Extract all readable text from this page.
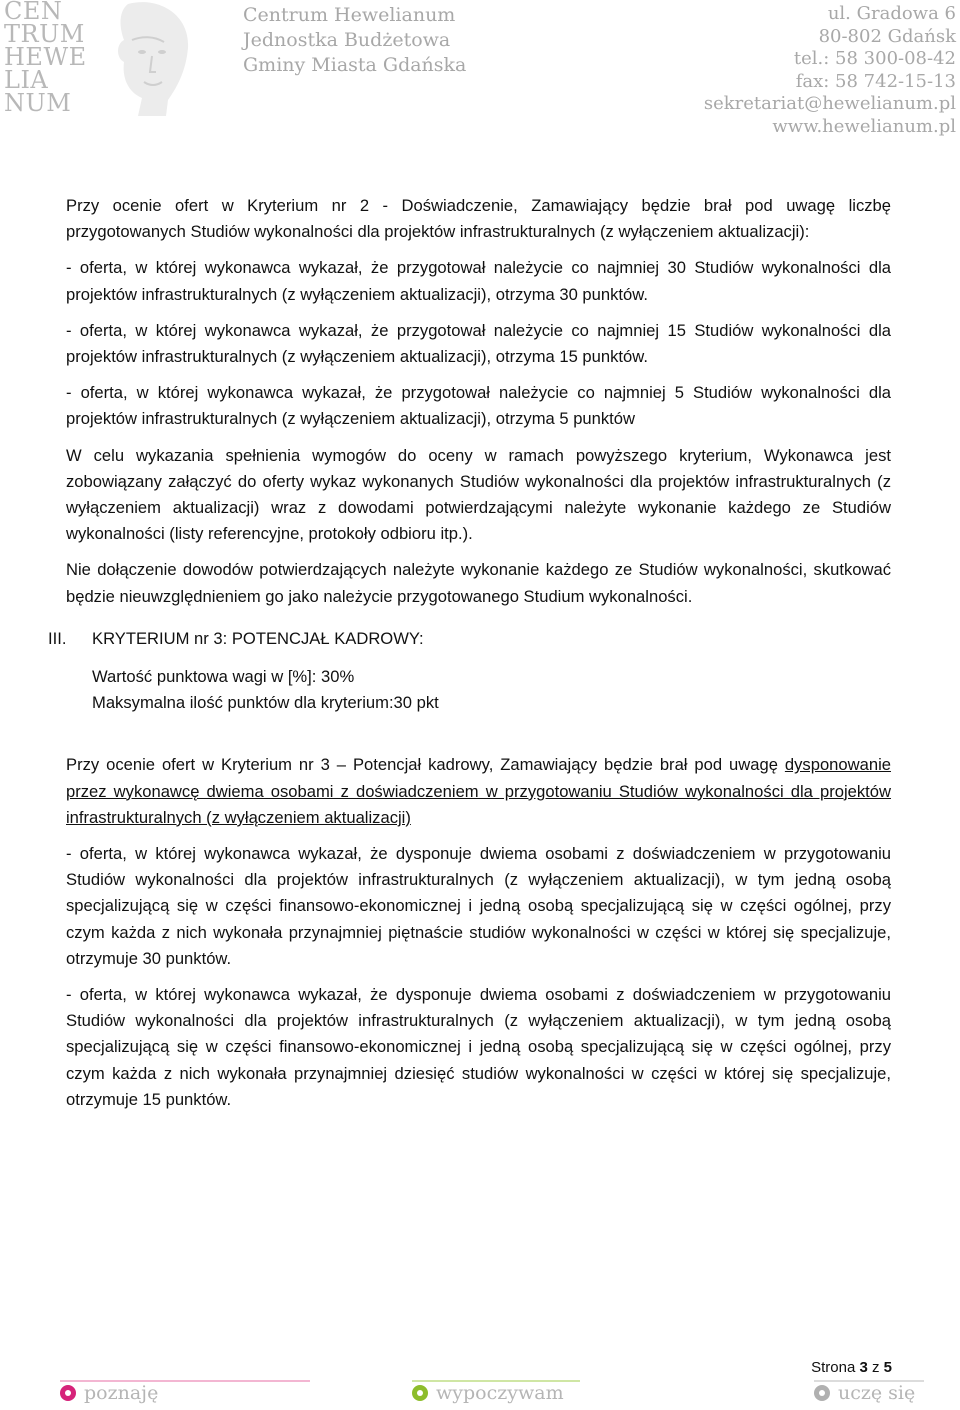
CEN
TRUM
HEWE
LIA
NUM
Centrum Hewelianum
Jednostka Budżetowa
Gminy Miasta Gdańska
ul. Gradowa 6
80-802 Gdańsk
tel.: 58 300-08-42
fax: 58 742-15-13
sekretariat@hewelianum.pl
www.hewelianum.pl

Przy ocenie ofert w Kryterium nr 2 - Doświadczenie, Zamawiający będzie brał pod uwagę liczbę przygotowanych Studiów wykonalności dla projektów infrastrukturalnych (z wyłączeniem aktualizacji):

- oferta, w której wykonawca wykazał, że przygotował należycie co najmniej 30 Studiów wykonalności dla projektów infrastrukturalnych (z wyłączeniem aktualizacji), otrzyma 30 punktów.

- oferta, w której wykonawca wykazał, że przygotował należycie co najmniej 15 Studiów wykonalności dla projektów infrastrukturalnych (z wyłączeniem aktualizacji), otrzyma 15 punktów.

- oferta, w której wykonawca wykazał, że przygotował należycie co najmniej 5 Studiów wykonalności dla projektów infrastrukturalnych (z wyłączeniem aktualizacji), otrzyma 5 punktów

W celu wykazania spełnienia wymogów do oceny w ramach powyższego kryterium, Wykonawca jest zobowiązany załączyć do oferty wykaz wykonanych Studiów wykonalności dla projektów infrastrukturalnych (z wyłączeniem aktualizacji) wraz z dowodami potwierdzającymi należyte wykonanie każdego ze Studiów wykonalności (listy referencyjne, protokoły odbioru itp.).

Nie dołączenie dowodów potwierdzających należyte wykonanie każdego ze Studiów wykonalności, skutkować będzie nieuwzględnieniem go jako należycie przygotowanego Studium wykonalności.

III.	KRYTERIUM nr 3: POTENCJAŁ KADROWY:
Wartość punktowa wagi w [%]: 30%
Maksymalna ilość punktów dla kryterium:30 pkt

Przy ocenie ofert w Kryterium nr 3 – Potencjał kadrowy, Zamawiający będzie brał pod uwagę dysponowanie przez wykonawcę dwiema osobami z doświadczeniem w przygotowaniu Studiów wykonalności dla projektów infrastrukturalnych (z wyłączeniem aktualizacji)

- oferta, w której wykonawca wykazał, że dysponuje dwiema osobami z doświadczeniem w przygotowaniu Studiów wykonalności dla projektów infrastrukturalnych (z wyłączeniem aktualizacji), w tym jedną osobą specjalizującą się w części finansowo-ekonomicznej i jedną osobą specjalizującą się w części ogólnej, przy czym każda z nich wykonała przynajmniej piętnaście studiów wykonalności w części w której się specjalizuje, otrzymuje 30 punktów.

- oferta, w której wykonawca wykazał, że dysponuje dwiema osobami z doświadczeniem w przygotowaniu Studiów wykonalności dla projektów infrastrukturalnych (z wyłączeniem aktualizacji), w tym jedną osobą specjalizującą się w części finansowo-ekonomicznej i jedną osobą specjalizującą się w części ogólnej, przy czym każda z nich wykonała przynajmniej dziesięć studiów wykonalności w części w której się specjalizuje, otrzymuje 15 punktów.

Strona 3 z 5
poznaję	wypoczywam	uczę się
